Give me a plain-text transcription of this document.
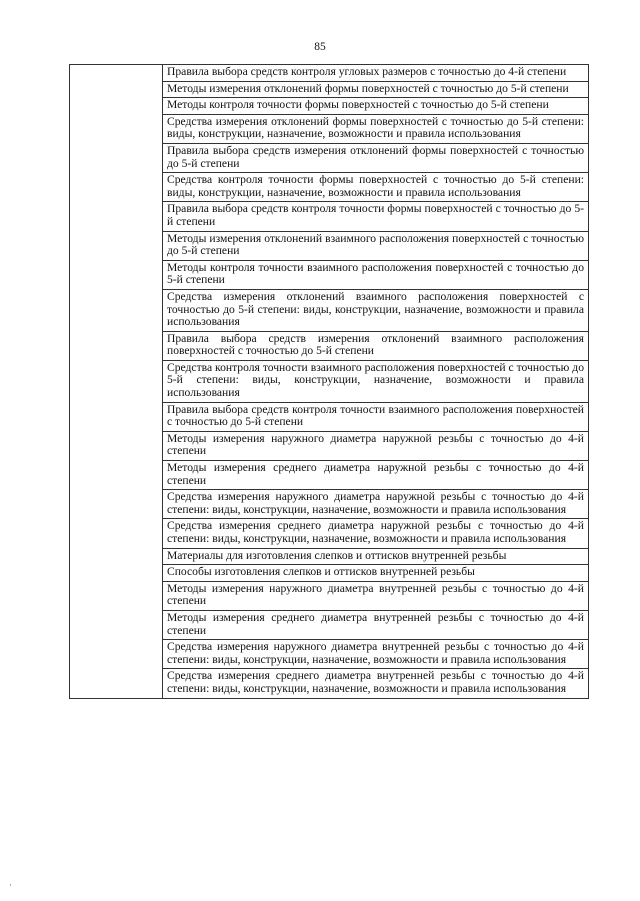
85

Правила выбора средств контроля угловых размеров с точностью до 4-й степени

Методы измерения отклонений формы поверхностей с точностью до 5-й степени

Методы контроля точности формы поверхностей с точностью до 5-й степени

Средства измерения отклонений формы поверхностей с точностью до 5-й степени: виды, конструкции, назначение, возможности и правила использования

Правила выбора средств измерения отклонений формы поверхностей с точностью до 5-й степени

Средства контроля точности формы поверхностей с точностью до 5-й степени: виды, конструкции, назначение, возможности и правила использования

Правила выбора средств контроля точности формы поверхностей с точностью до 5-й степени

Методы измерения отклонений взаимного расположения поверхностей с точностью до 5-й степени

Методы контроля точности взаимного расположения поверхностей с точностью до 5-й степени

Средства измерения отклонений взаимного расположения поверхностей с точностью до 5-й степени: виды, конструкции, назначение, возможности и правила использования

Правила выбора средств измерения отклонений взаимного расположения поверхностей с точностью до 5-й степени

Средства контроля точности взаимного расположения поверхностей с точностью до 5-й степени: виды, конструкции, назначение, возможности и правила использования

Правила выбора средств контроля точности взаимного расположения поверхностей с точностью до 5-й степени

Методы измерения наружного диаметра наружной резьбы с точностью до 4-й степени

Методы измерения среднего диаметра наружной резьбы с точностью до 4-й степени

Средства измерения наружного диаметра наружной резьбы с точностью до 4-й степени: виды, конструкции, назначение, возможности и правила использования

Средства измерения среднего диаметра наружной резьбы с точностью до 4-й степени: виды, конструкции, назначение, возможности и правила использования

Материалы для изготовления слепков и оттисков внутренней резьбы

Способы изготовления слепков и оттисков внутренней резьбы

Методы измерения наружного диаметра внутренней резьбы с точностью до 4-й степени

Методы измерения среднего диаметра внутренней резьбы с точностью до 4-й степени

Средства измерения наружного диаметра внутренней резьбы с точностью до 4-й степени: виды, конструкции, назначение, возможности и правила использования

Средства измерения среднего диаметра внутренней резьбы с точностью до 4-й степени: виды, конструкции, назначение, возможности и правила использования
·
